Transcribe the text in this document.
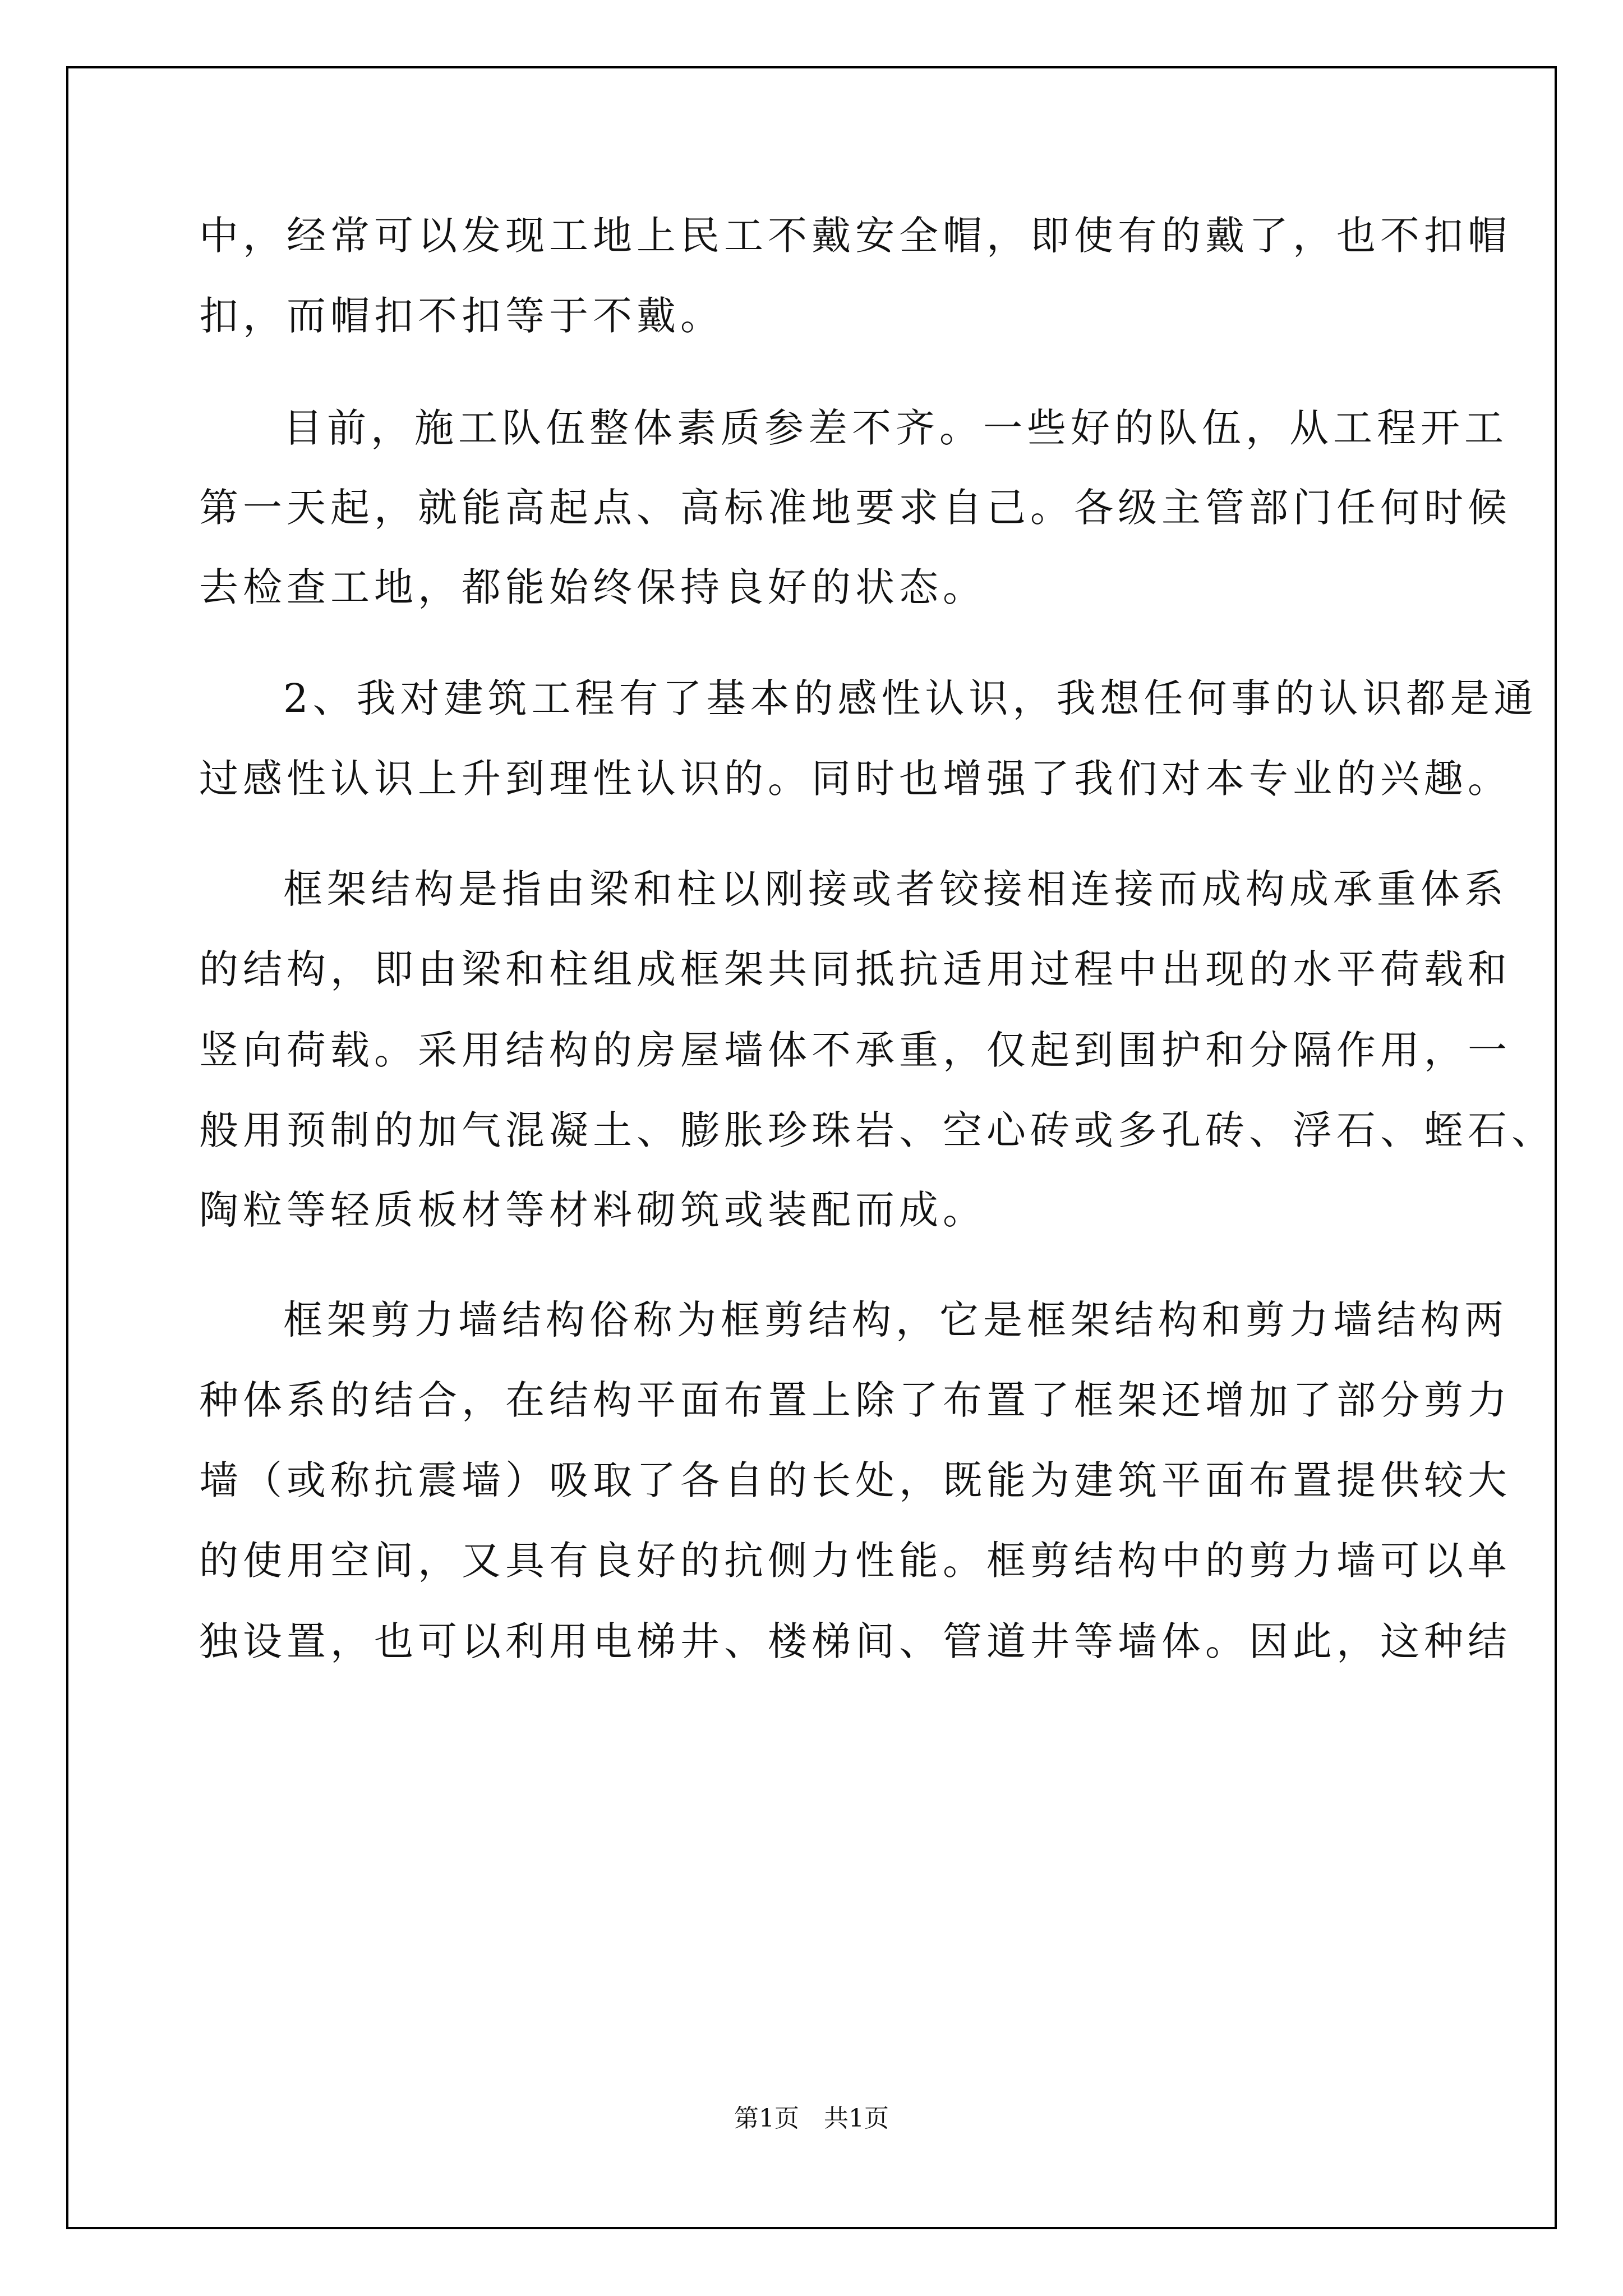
中，经常可以发现工地上民工不戴安全帽，即使有的戴了，也不扣帽
扣，而帽扣不扣等于不戴。
目前，施工队伍整体素质参差不齐。一些好的队伍，从工程开工
第一天起，就能高起点、高标准地要求自己。各级主管部门任何时候
去检查工地，都能始终保持良好的状态。
2、我对建筑工程有了基本的感性认识，我想任何事的认识都是通
过感性认识上升到理性认识的。同时也增强了我们对本专业的兴趣。
框架结构是指由梁和柱以刚接或者铰接相连接而成构成承重体系
的结构，即由梁和柱组成框架共同抵抗适用过程中出现的水平荷载和
竖向荷载。采用结构的房屋墙体不承重，仅起到围护和分隔作用，一
般用预制的加气混凝土、膨胀珍珠岩、空心砖或多孔砖、浮石、蛭石、
陶粒等轻质板材等材料砌筑或装配而成。
框架剪力墙结构俗称为框剪结构，它是框架结构和剪力墙结构两
种体系的结合，在结构平面布置上除了布置了框架还增加了部分剪力
墙（或称抗震墙）吸取了各自的长处，既能为建筑平面布置提供较大
的使用空间，又具有良好的抗侧力性能。框剪结构中的剪力墙可以单
独设置，也可以利用电梯井、楼梯间、管道井等墙体。因此，这种结
第1页　共1页
